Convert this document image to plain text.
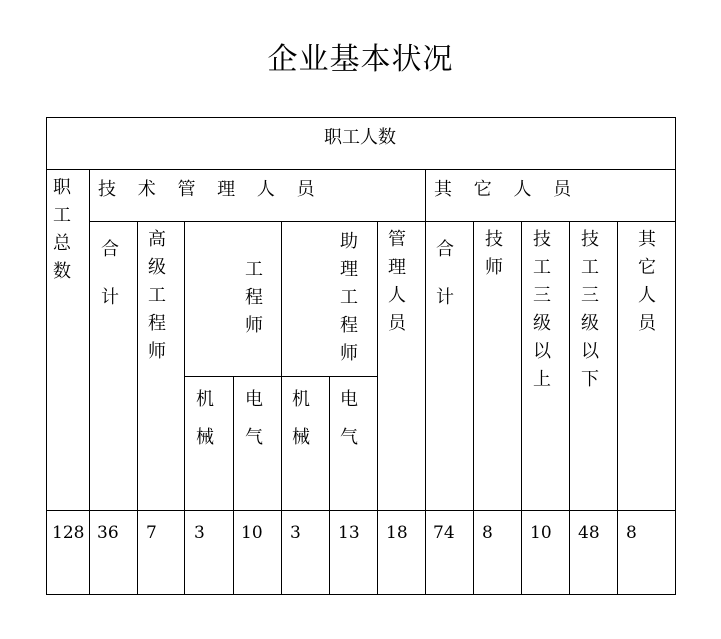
企业基本状况
职工人数
职工总数
技 术 管 理 人 员	其 它 人 员
合计
高级工程师
工程师
助理工程师
管理人员
合计
技师
技工三级以上
技工三级以下
其它人员
机械
电气
机械
电气
128 36 7 3 10 3 13 18 74 8 10 48 8
